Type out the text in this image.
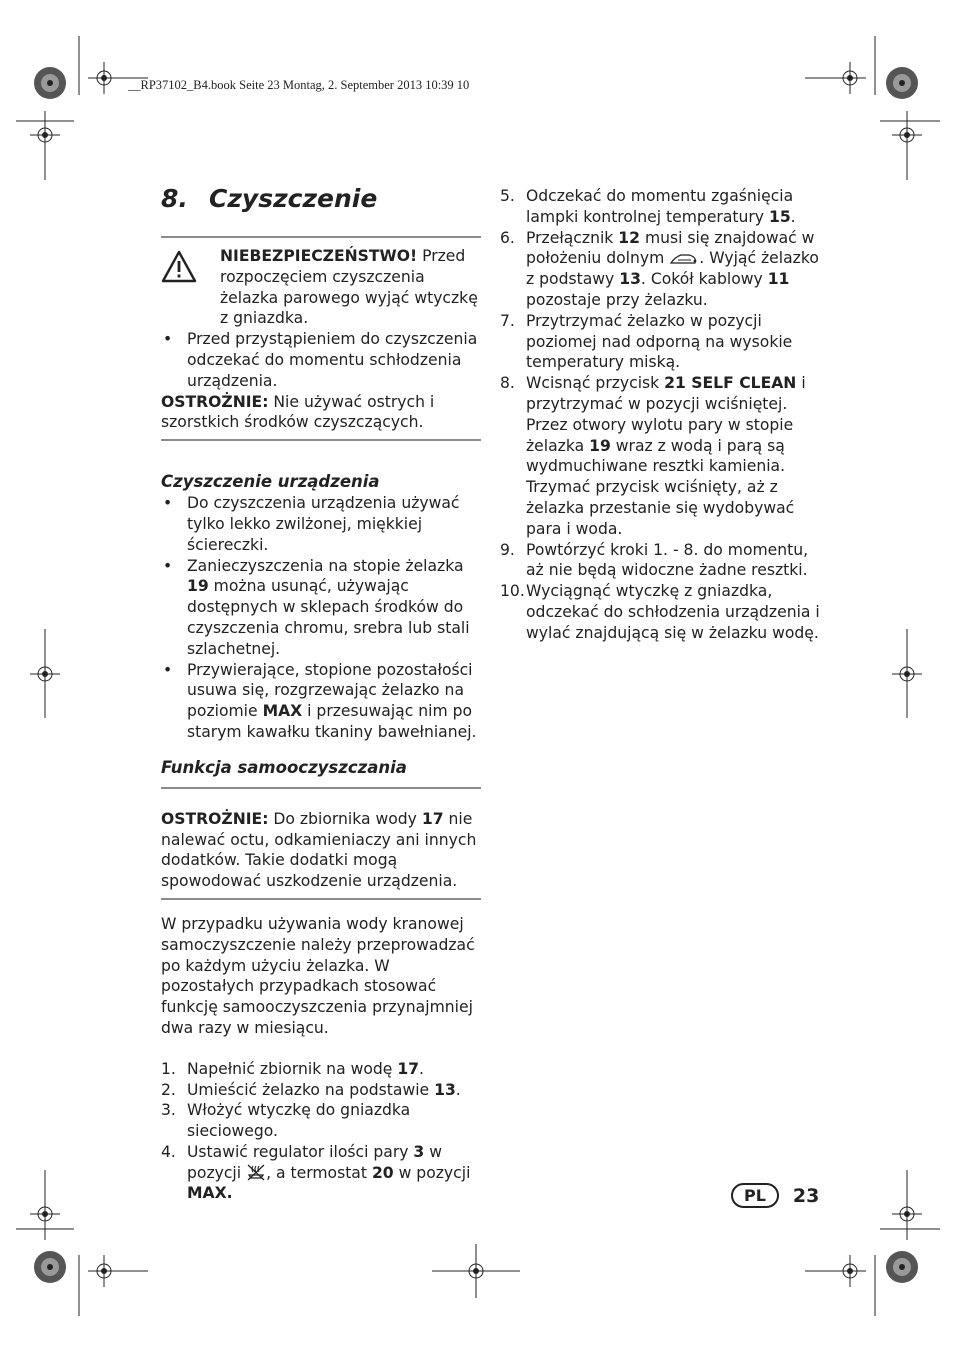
__RP37102_B4.book Seite 23 Montag, 2. September 2013 10:39 10
8. Czyszczenie
NIEBEZPIECZEŃSTWO! Przed rozpoczęciem czyszczenia żelazka parowego wyjąć wtyczkę z gniazdka.
• Przed przystąpieniem do czyszczenia odczekać do momentu schłodzenia urządzenia.
OSTROŻNIE: Nie używać ostrych i szorstkich środków czyszczących.
Czyszczenie urządzenia
• Do czyszczenia urządzenia używać tylko lekko zwilżonej, miękkiej ściereczki.
• Zanieczyszczenia na stopie żelazka 19 można usunąć, używając dostępnych w sklepach środków do czyszczenia chromu, srebra lub stali szlachetnej.
• Przywierające, stopione pozostałości usuwa się, rozgrzewając żelazko na poziomie MAX i przesuwając nim po starym kawałku tkaniny bawełnianej.
Funkcja samooczyszczania
OSTROŻNIE: Do zbiornika wody 17 nie nalewać octu, odkamieniaczy ani innych dodatków. Takie dodatki mogą spowodować uszkodzenie urządzenia.
W przypadku używania wody kranowej samoczyszczenie należy przeprowadzać po każdym użyciu żelazka. W pozostałych przypadkach stosować funkcję samooczyszczenia przynajmniej dwa razy w miesiącu.
1. Napełnić zbiornik na wodę 17.
2. Umieścić żelazko na podstawie 13.
3. Włożyć wtyczkę do gniazdka sieciowego.
4. Ustawić regulator ilości pary 3 w pozycji , a termostat 20 w pozycji MAX.
5. Odczekać do momentu zgaśnięcia lampki kontrolnej temperatury 15.
6. Przełącznik 12 musi się znajdować w położeniu dolnym . Wyjąć żelazko z podstawy 13. Cokół kablowy 11 pozostaje przy żelazku.
7. Przytrzymać żelazko w pozycji poziomej nad odporną na wysokie temperatury miską.
8. Wcisnąć przycisk 21 SELF CLEAN i przytrzymać w pozycji wciśniętej. Przez otwory wylotu pary w stopie żelazka 19 wraz z wodą i parą są wydmuchiwane resztki kamienia. Trzymać przycisk wciśnięty, aż z żelazka przestanie się wydobywać para i woda.
9. Powtórzyć kroki 1. - 8. do momentu, aż nie będą widoczne żadne resztki.
10. Wyciągnąć wtyczkę z gniazdka, odczekać do schłodzenia urządzenia i wylać znajdującą się w żelazku wodę.
PL	23
